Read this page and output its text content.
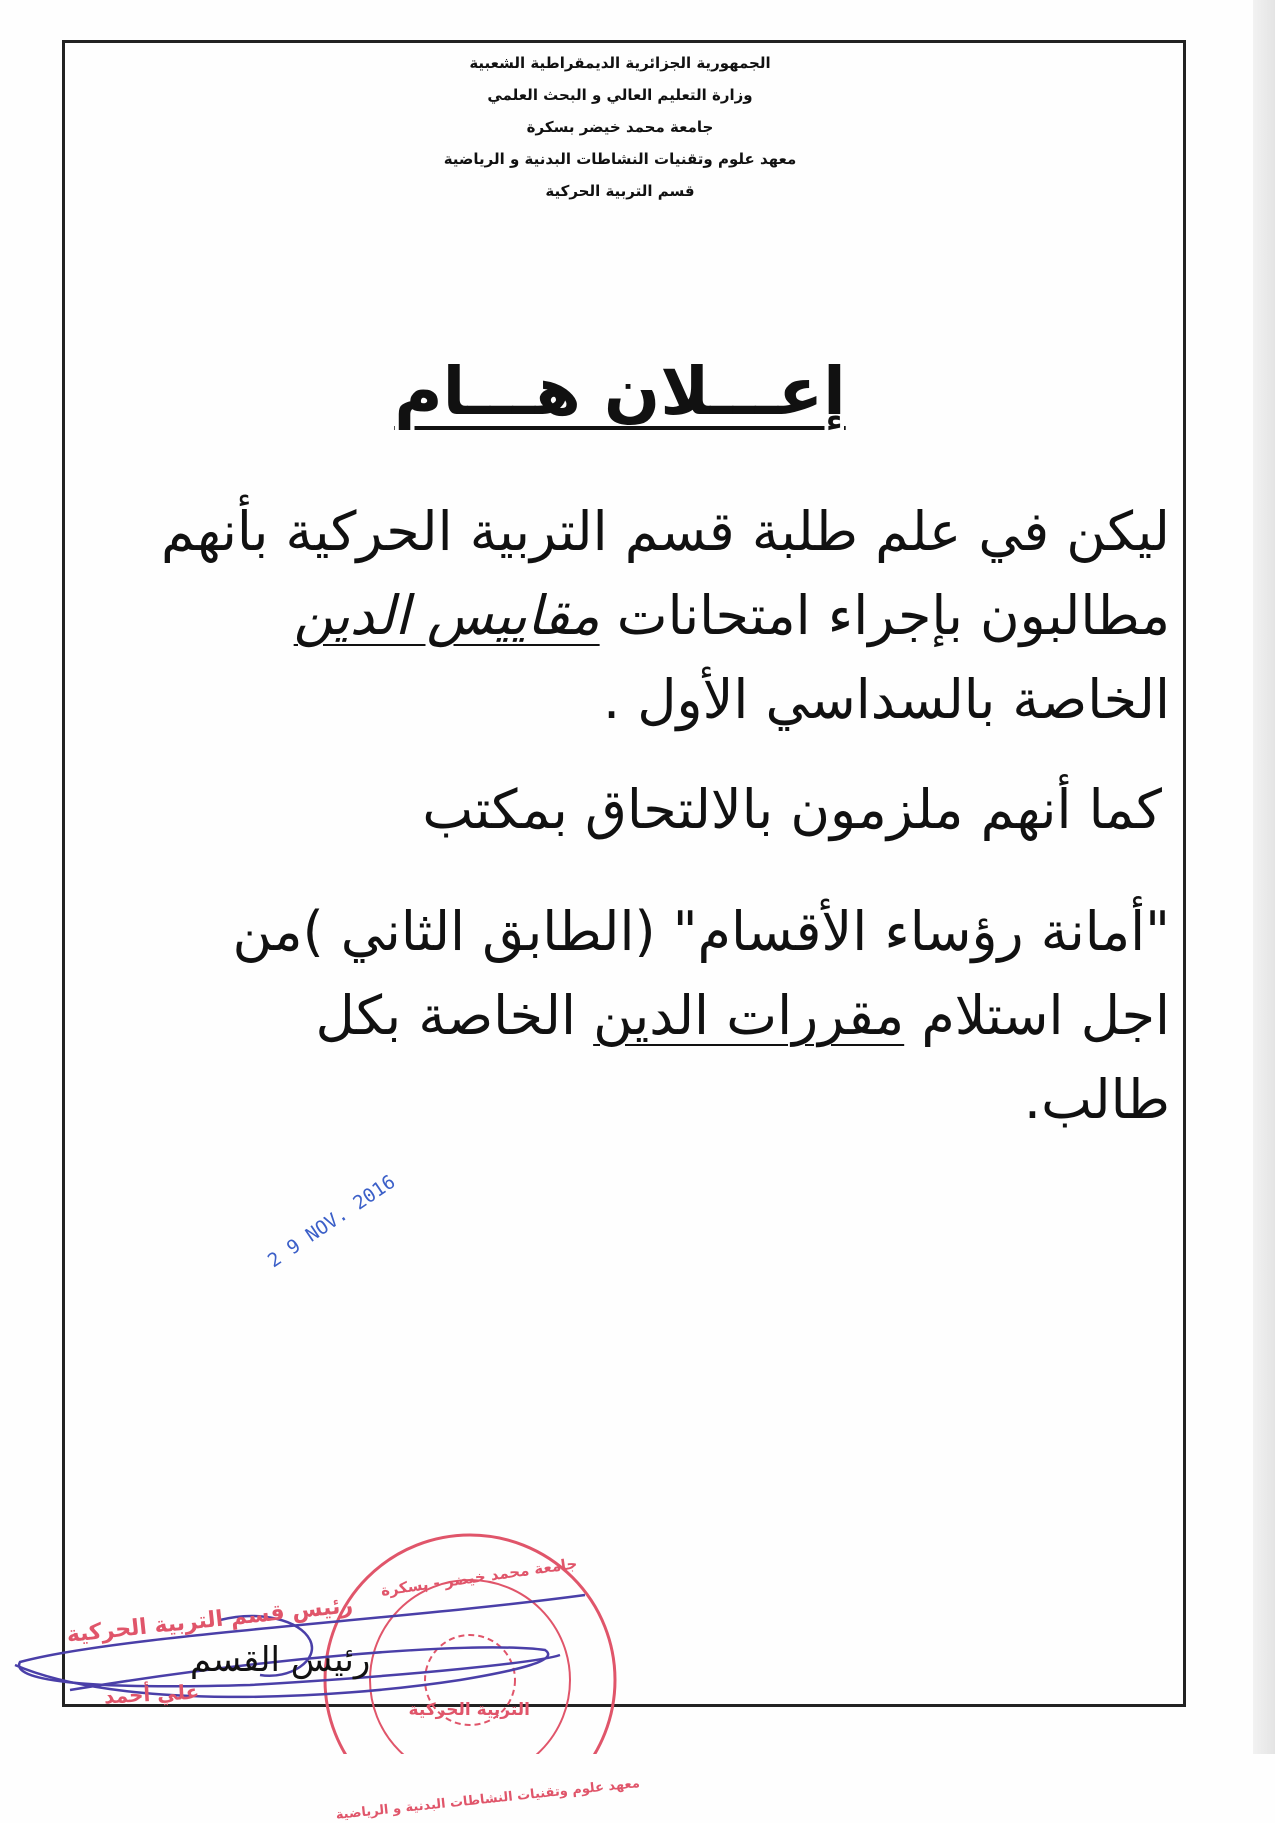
الجمهورية الجزائرية الديمقراطية الشعبية
وزارة التعليم العالي و البحث العلمي
جامعة محمد خيضر بسكرة
معهد علوم وتقنيات النشاطات البدنية و الرياضية
قسم التربية الحركية
إعـــلان هـــام

ليكن في علم طلبة قسم التربية الحركية بأنهم

مطالبون بإجراء امتحانات مقاييس الدين

الخاصة بالسداسي الأول .

كما أنهم ملزمون بالالتحاق بمكتب

"أمانة رؤساء الأقسام" (الطابق الثاني )من

اجل استلام مقررات الدين الخاصة بكل

طالب.

2 9 NOV. 2016
رئيس قسم التربية الحركية
علي أحمد
رئيس القسم
جامعة محمد خيضر - بسكرة
التربية الحركية
معهد علوم وتقنيات النشاطات البدنية و الرياضية
